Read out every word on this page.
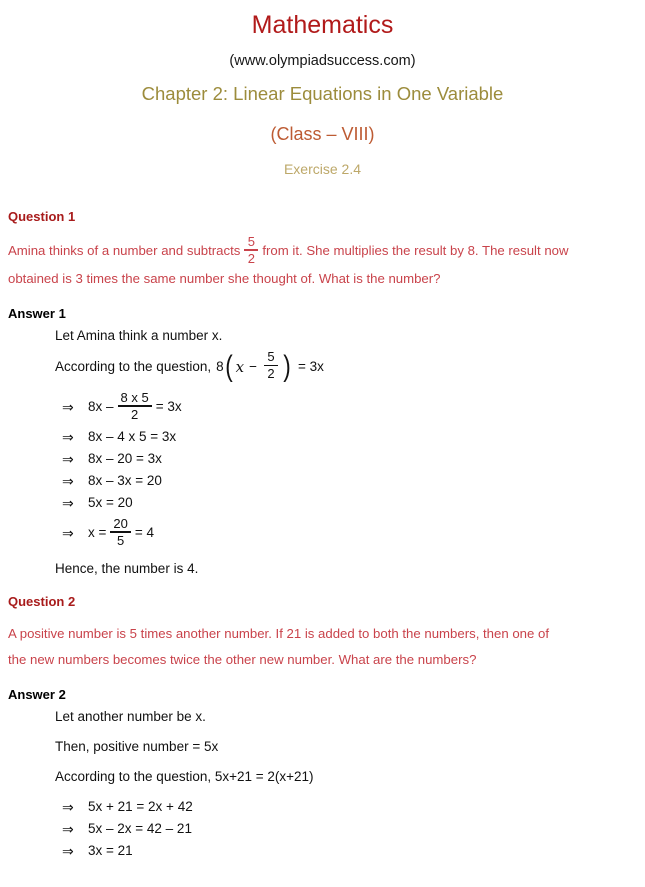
Mathematics
(www.olympiadsuccess.com)
Chapter 2: Linear Equations in One Variable
(Class – VIII)
Exercise 2.4
Question 1
Amina thinks of a number and subtracts $\frac{5}{2}$ from it. She multiplies the result by 8. The result now

obtained is 3 times the same number she thought of. What is the number?
Answer 1
Let Amina think a number x.
According to the question, 8 ( $x - \frac{5}{2}$ ) = 3x
⇒	$8x - \frac{8 x 5}{2} = 3x$
⇒	8x – 4 x 5 = 3x
⇒	8x – 20 = 3x
⇒	8x – 3x = 20
⇒	5x = 20
⇒	$x = \frac{20}{5} = 4$
Hence, the number is 4.
Question 2
A positive number is 5 times another number. If 21 is added to both the numbers, then one of
the new numbers becomes twice the other new number. What are the numbers?
Answer 2
Let another number be x.
Then, positive number = 5x
According to the question, 5x+21 = 2(x+21)
⇒	5x + 21 = 2x + 42
⇒	5x – 2x = 42 – 21
⇒	3x = 21
